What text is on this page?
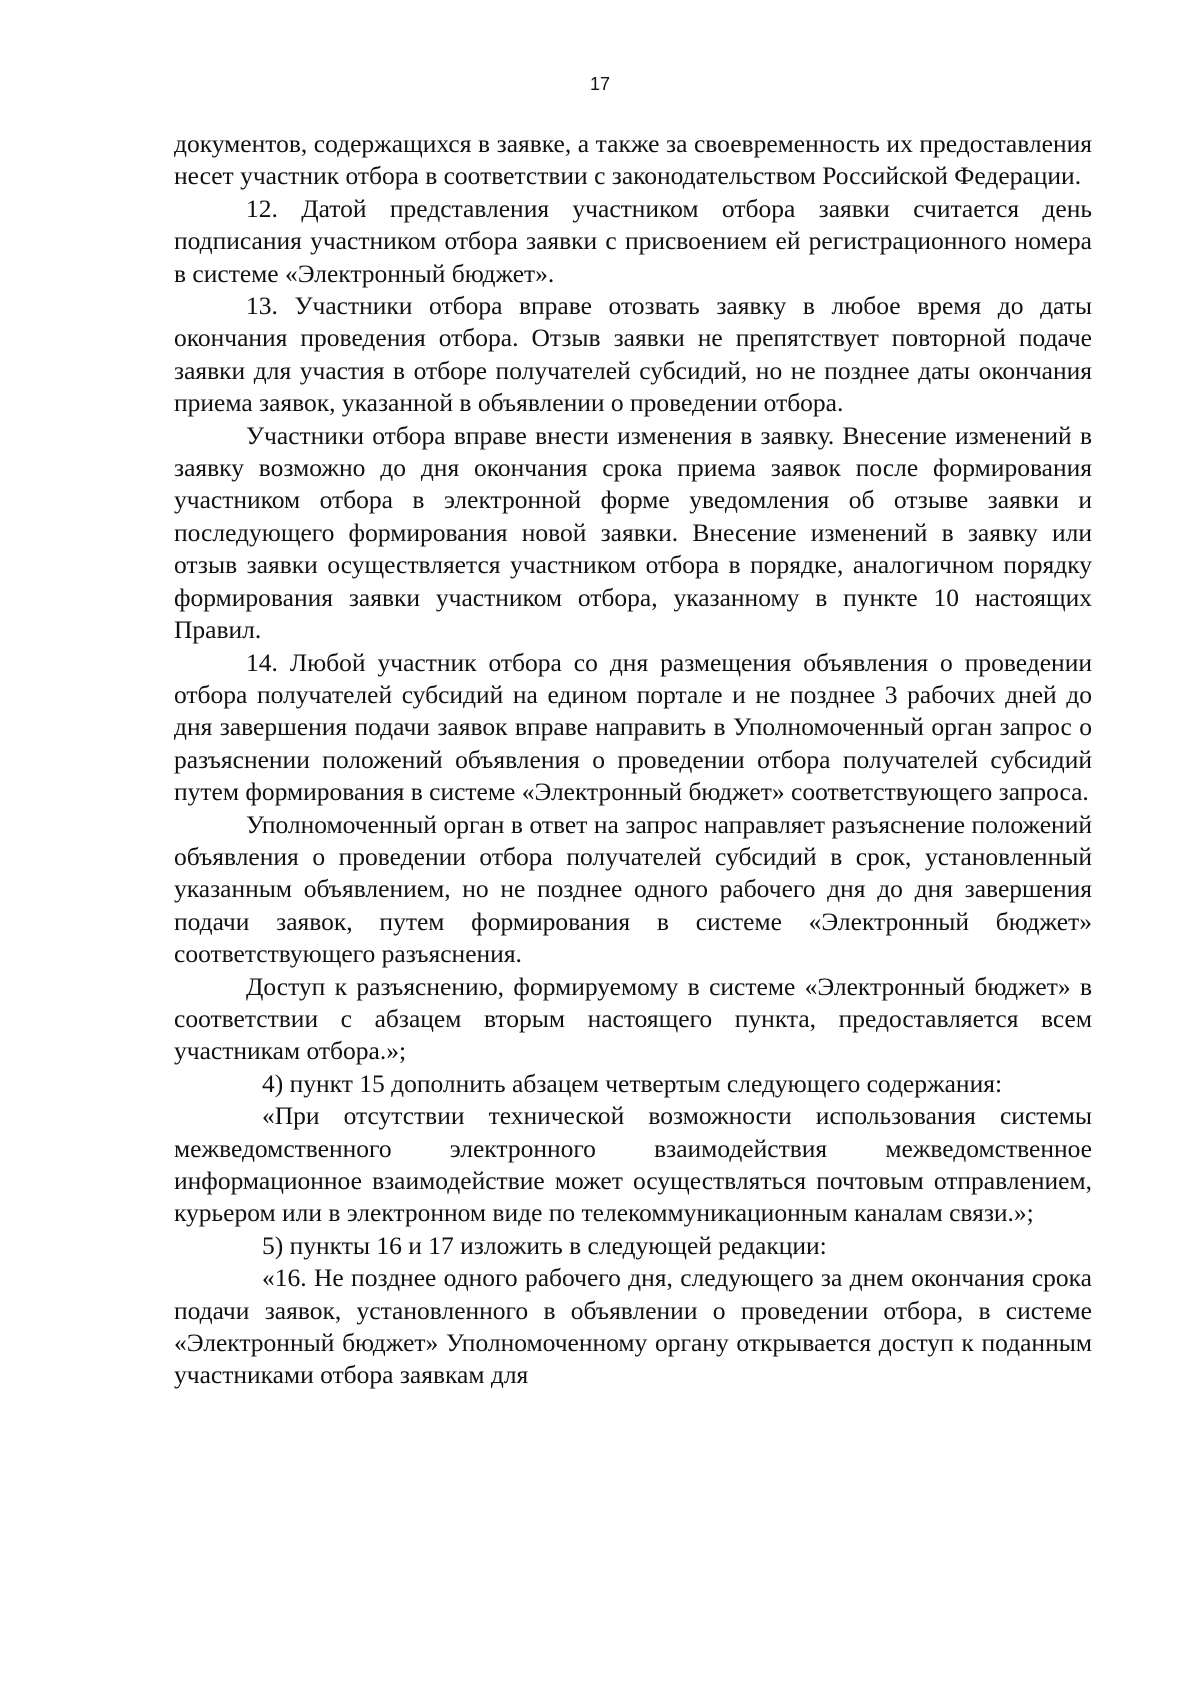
17

документов, содержащихся в заявке, а также за своевременность их предоставления несет участник отбора в соответствии с законодательством Российской Федерации.

12. Датой представления участником отбора заявки считается день подписания участником отбора заявки с присвоением ей регистрационного номера в системе «Электронный бюджет».

13. Участники отбора вправе отозвать заявку в любое время до даты окончания проведения отбора. Отзыв заявки не препятствует повторной подаче заявки для участия в отборе получателей субсидий, но не позднее даты окончания приема заявок, указанной в объявлении о проведении отбора.

Участники отбора вправе внести изменения в заявку. Внесение изменений в заявку возможно до дня окончания срока приема заявок после формирования участником отбора в электронной форме уведомления об отзыве заявки и последующего формирования новой заявки. Внесение изменений в заявку или отзыв заявки осуществляется участником отбора в порядке, аналогичном порядку формирования заявки участником отбора, указанному в пункте 10 настоящих Правил.

14. Любой участник отбора со дня размещения объявления о проведении отбора получателей субсидий на едином портале и не позднее 3 рабочих дней до дня завершения подачи заявок вправе направить в Уполномоченный орган запрос о разъяснении положений объявления о проведении отбора получателей субсидий путем формирования в системе «Электронный бюджет» соответствующего запроса.

Уполномоченный орган в ответ на запрос направляет разъяснение положений объявления о проведении отбора получателей субсидий в срок, установленный указанным объявлением, но не позднее одного рабочего дня до дня завершения подачи заявок, путем формирования в системе «Электронный бюджет» соответствующего разъяснения.

Доступ к разъяснению, формируемому в системе «Электронный бюджет» в соответствии с абзацем вторым настоящего пункта, предоставляется всем участникам отбора.»;

4) пункт 15 дополнить абзацем четвертым следующего содержания:

«При отсутствии технической возможности использования системы межведомственного электронного взаимодействия межведомственное информационное взаимодействие может осуществляться почтовым отправлением, курьером или в электронном виде по телекоммуникационным каналам связи.»;

5) пункты 16 и 17 изложить в следующей редакции:

«16. Не позднее одного рабочего дня, следующего за днем окончания срока подачи заявок, установленного в объявлении о проведении отбора, в системе «Электронный бюджет» Уполномоченному органу открывается доступ к поданным участниками отбора заявкам для
